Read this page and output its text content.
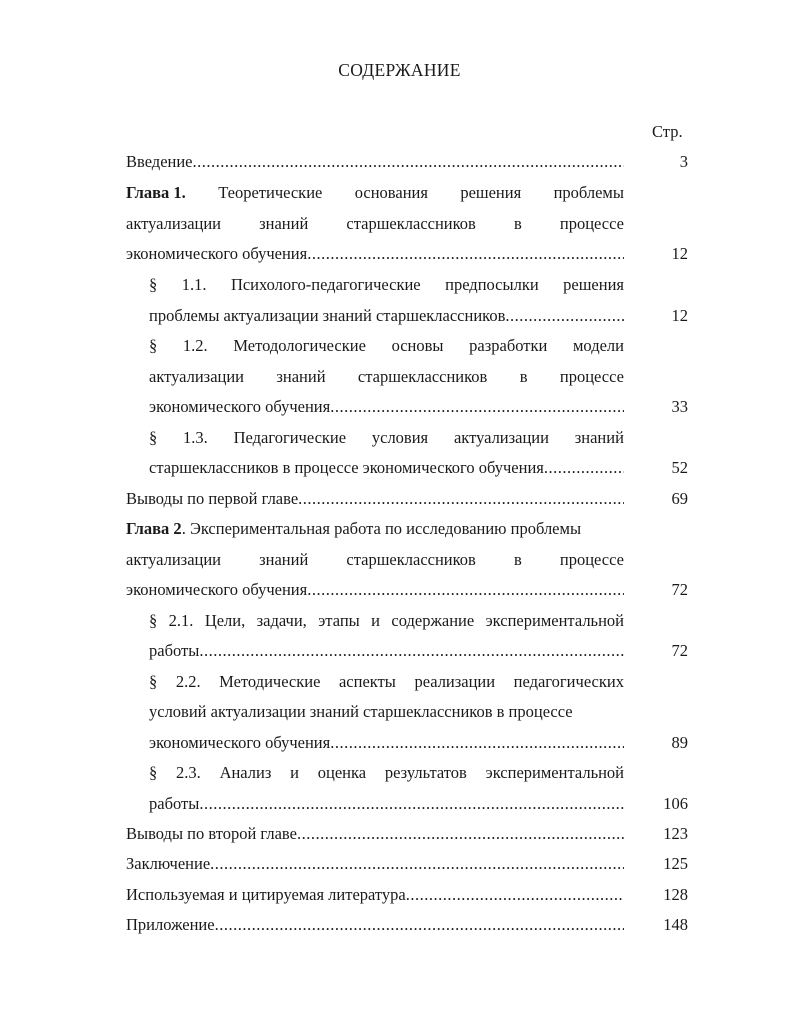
СОДЕРЖАНИЕ
Стр.
Введение .....	3
Глава 1. Теоретические основания решения проблемы
актуализации знаний старшеклассников в процессе
экономического обучения .....	12
§ 1.1. Психолого-педагогические предпосылки решения
проблемы актуализации знаний старшеклассников .....	12
§ 1.2. Методологические основы разработки модели
актуализации знаний старшеклассников в процессе
экономического обучения .....	33
§ 1.3. Педагогические условия актуализации знаний
старшеклассников в процессе экономического обучения .....	52
Выводы по первой главе .....	69
Глава 2. Экспериментальная работа по исследованию проблемы
актуализации знаний старшеклассников в процессе
экономического обучения .....	72
§ 2.1. Цели, задачи, этапы и содержание экспериментальной
работы .....	72
§ 2.2. Методические аспекты реализации педагогических
условий актуализации знаний старшеклассников в процессе
экономического обучения .....	89
§ 2.3. Анализ и оценка результатов экспериментальной
работы .....	106
Выводы по второй главе .....	123
Заключение .....	125
Используемая и цитируемая литература .....	128
Приложение .....	148
